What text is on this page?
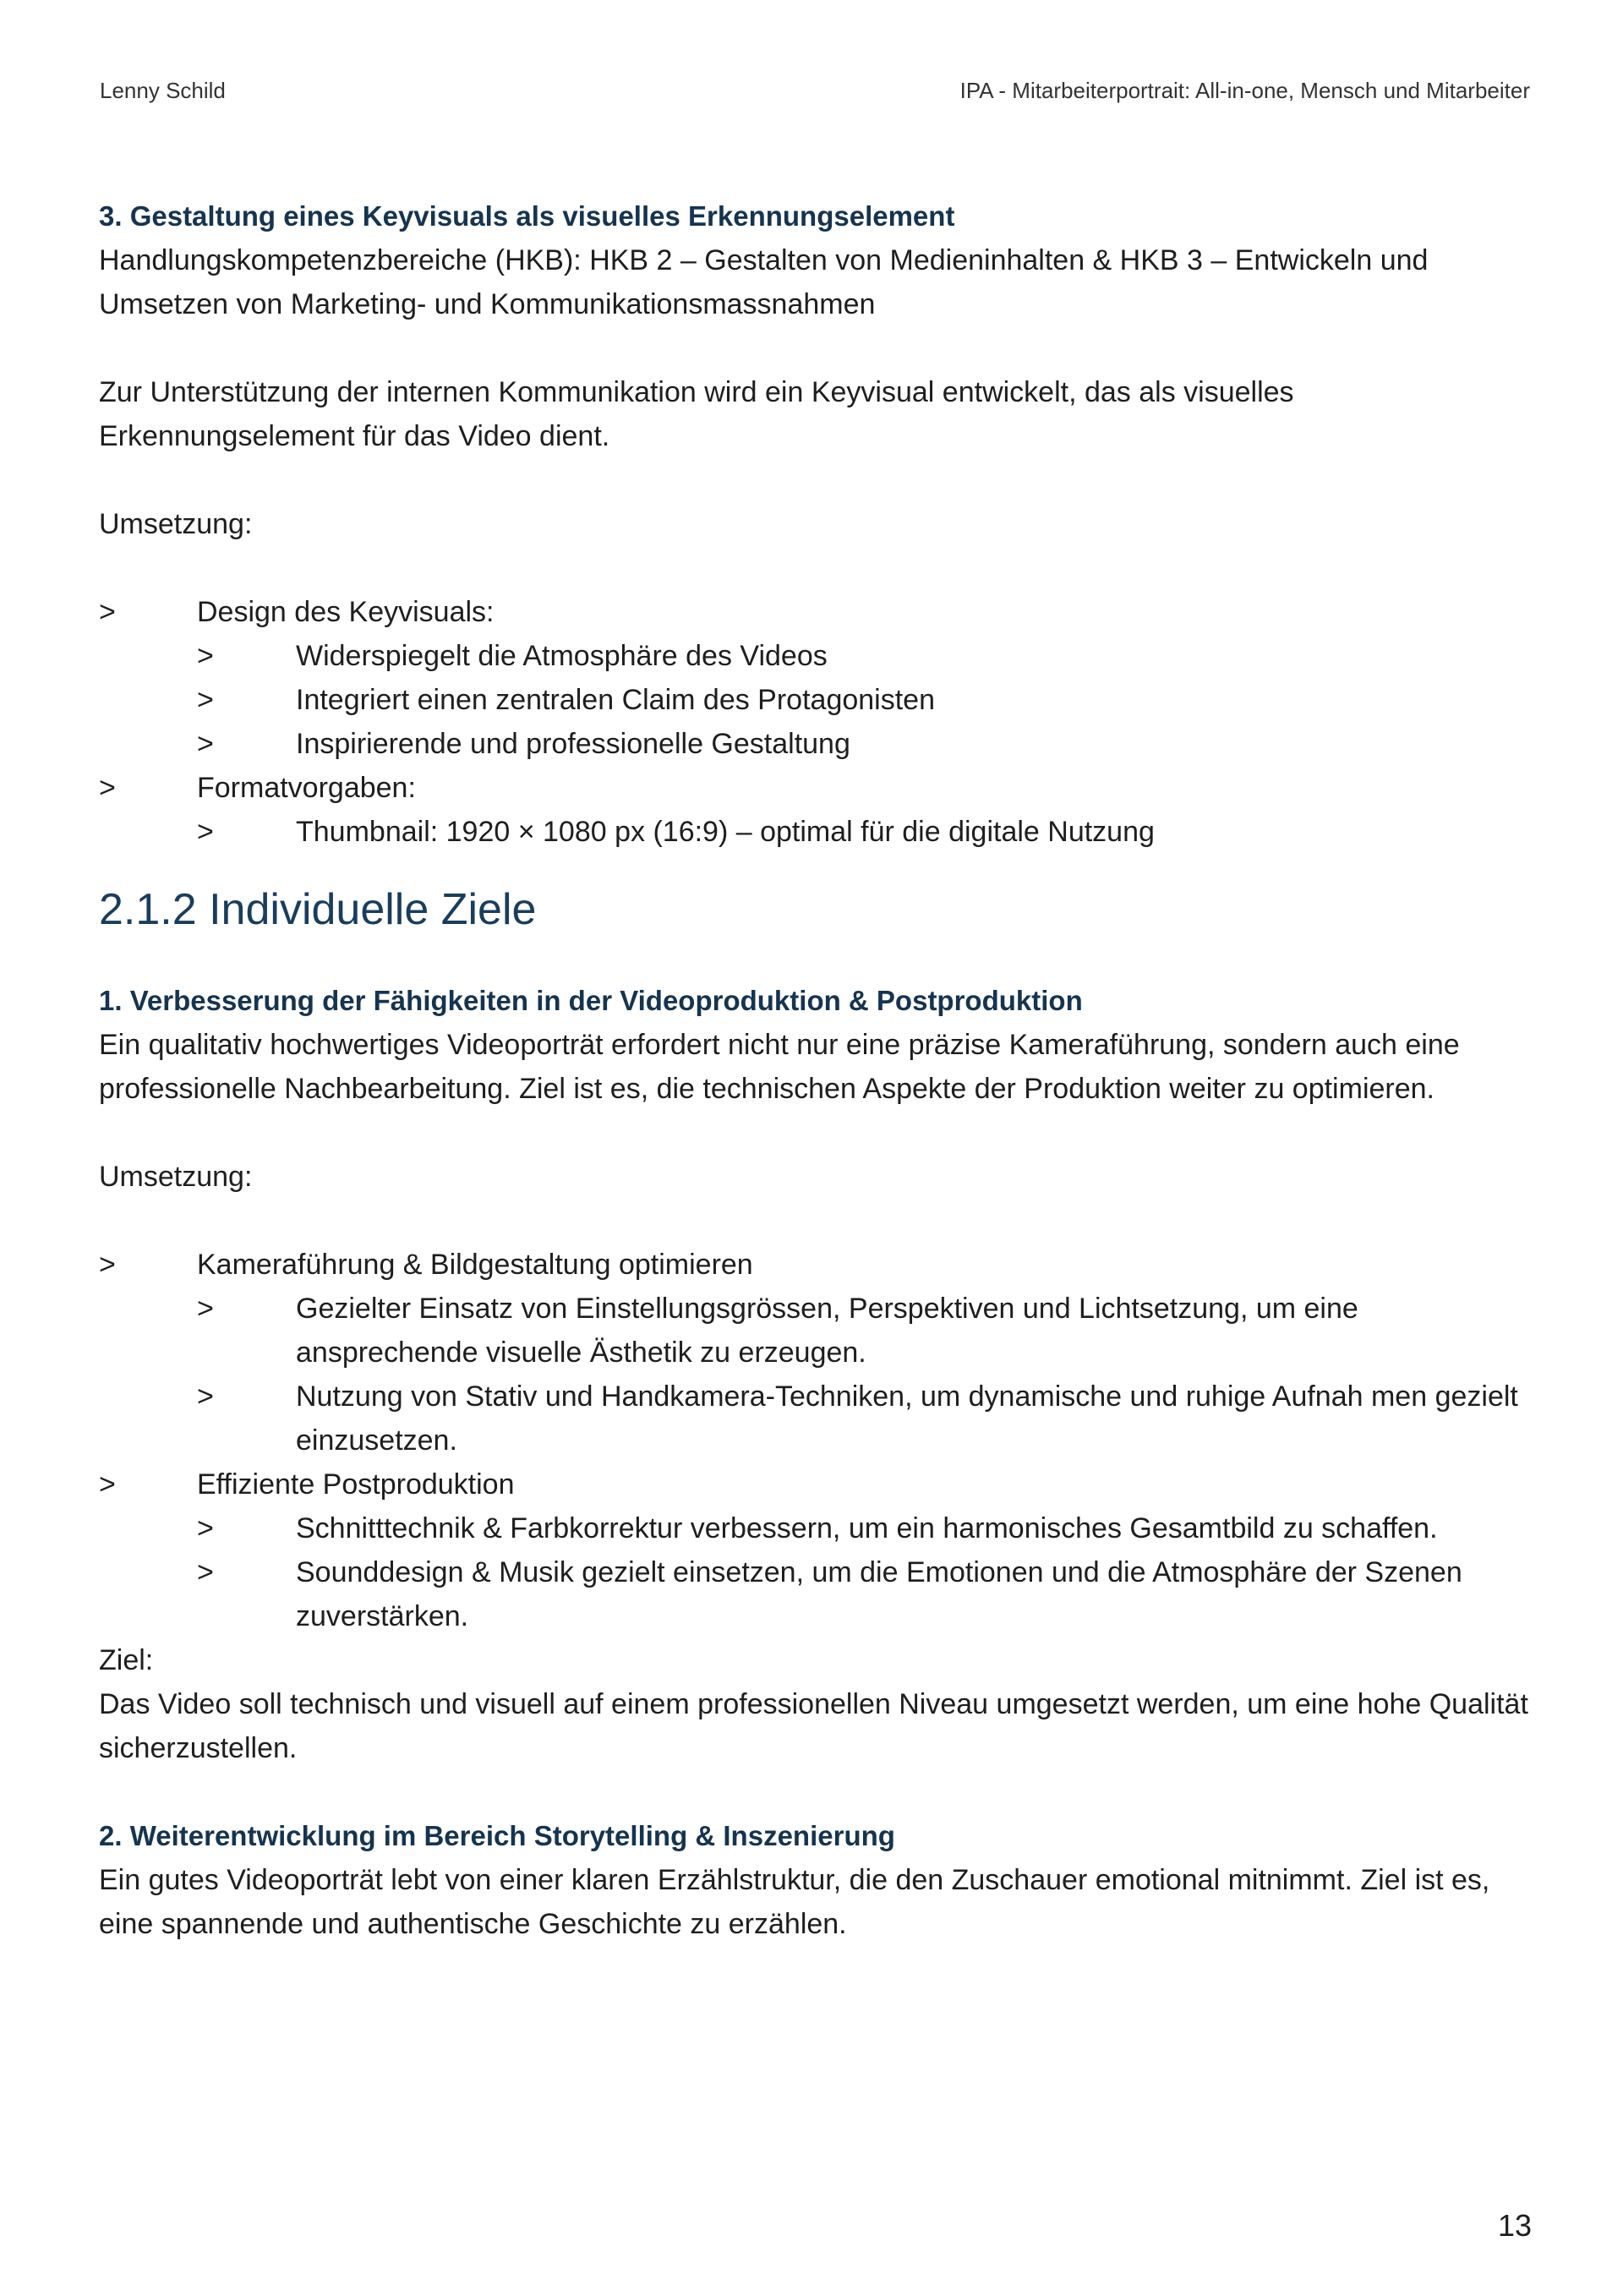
Lenny Schild	IPA - Mitarbeiterportrait: All-in-one, Mensch und Mitarbeiter

3. Gestaltung eines Keyvisuals als visuelles Erkennungselement

Handlungskompetenzbereiche (HKB): HKB 2 – Gestalten von Medieninhalten & HKB 3 – Entwickeln und Umsetzen von Marketing- und Kommunikationsmassnahmen

Zur Unterstützung der internen Kommunikation wird ein Keyvisual entwickelt, das als visuelles Erkennungselement für das Video dient.

Umsetzung:

>	Design des Keyvisuals:
>	Widerspiegelt die Atmosphäre des Videos
>	Integriert einen zentralen Claim des Protagonisten
>	Inspirierende und professionelle Gestaltung
>	Formatvorgaben:
>	Thumbnail: 1920 × 1080 px (16:9) – optimal für die digitale Nutzung
2.1.2 Individuelle Ziele

1. Verbesserung der Fähigkeiten in der Videoproduktion & Postproduktion

Ein qualitativ hochwertiges Videoporträt erfordert nicht nur eine präzise Kameraführung, sondern auch eine professionelle Nachbearbeitung. Ziel ist es, die technischen Aspekte der Produktion weiter zu optimieren.

Umsetzung:

>	Kameraführung & Bildgestaltung optimieren
>	Gezielter Einsatz von Einstellungsgrössen, Perspektiven und Lichtsetzung, um eine ansprechende visuelle Ästhetik zu erzeugen.
>	Nutzung von Stativ und Handkamera-Techniken, um dynamische und ruhige Aufnah men gezielt einzusetzen.
>	Effiziente Postproduktion
>	Schnitttechnik & Farbkorrektur verbessern, um ein harmonisches Gesamtbild zu schaffen.
>	Sounddesign & Musik gezielt einsetzen, um die Emotionen und die Atmosphäre der Szenen zuverstärken.

Ziel:

Das Video soll technisch und visuell auf einem professionellen Niveau umgesetzt werden, um eine hohe Qualität sicherzustellen.

2. Weiterentwicklung im Bereich Storytelling & Inszenierung

Ein gutes Videoporträt lebt von einer klaren Erzählstruktur, die den Zuschauer emotional mitnimmt. Ziel ist es, eine spannende und authentische Geschichte zu erzählen.

13
